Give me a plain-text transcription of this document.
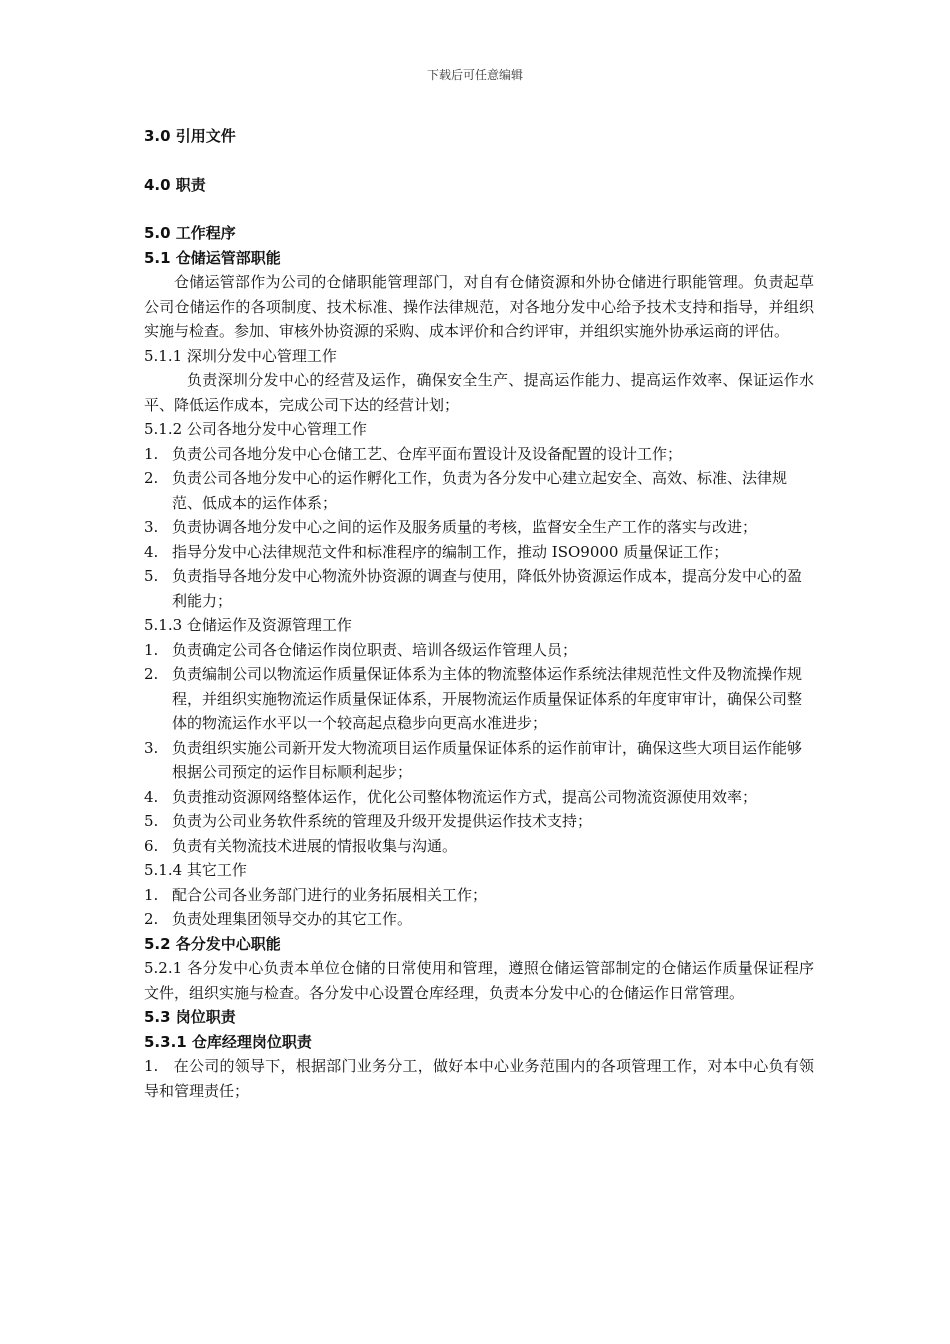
下载后可任意编辑
3.0 引用文件
4.0 职责
5.0 工作程序
5.1 仓储运管部职能
仓储运管部作为公司的仓储职能管理部门，对自有仓储资源和外协仓储进行职能管理。负责起草公司仓储运作的各项制度、技术标准、操作法律规范，对各地分发中心给予技术支持和指导，并组织实施与检查。参加、审核外协资源的采购、成本评价和合约评审，并组织实施外协承运商的评估。
5.1.1 深圳分发中心管理工作
负责深圳分发中心的经营及运作，确保安全生产、提高运作能力、提高运作效率、保证运作水平、降低运作成本，完成公司下达的经营计划；
5.1.2 公司各地分发中心管理工作
1. 负责公司各地分发中心仓储工艺、仓库平面布置设计及设备配置的设计工作；
2. 负责公司各地分发中心的运作孵化工作，负责为各分发中心建立起安全、高效、标准、法律规范、低成本的运作体系；
3. 负责协调各地分发中心之间的运作及服务质量的考核，监督安全生产工作的落实与改进；
4. 指导分发中心法律规范文件和标准程序的编制工作，推动 ISO9000 质量保证工作；
5. 负责指导各地分发中心物流外协资源的调查与使用，降低外协资源运作成本，提高分发中心的盈利能力；
5.1.3 仓储运作及资源管理工作
1. 负责确定公司各仓储运作岗位职责、培训各级运作管理人员；
2. 负责编制公司以物流运作质量保证体系为主体的物流整体运作系统法律规范性文件及物流操作规程，并组织实施物流运作质量保证体系，开展物流运作质量保证体系的年度审审计，确保公司整体的物流运作水平以一个较高起点稳步向更高水准进步；
3. 负责组织实施公司新开发大物流项目运作质量保证体系的运作前审计，确保这些大项目运作能够根据公司预定的运作目标顺利起步；
4. 负责推动资源网络整体运作，优化公司整体物流运作方式，提高公司物流资源使用效率；
5. 负责为公司业务软件系统的管理及升级开发提供运作技术支持；
6. 负责有关物流技术进展的情报收集与沟通。
5.1.4 其它工作
1. 配合公司各业务部门进行的业务拓展相关工作；
2. 负责处理集团领导交办的其它工作。
5.2 各分发中心职能
5.2.1 各分发中心负责本单位仓储的日常使用和管理，遵照仓储运管部制定的仓储运作质量保证程序文件，组织实施与检查。各分发中心设置仓库经理，负责本分发中心的仓储运作日常管理。
5.3 岗位职责
5.3.1 仓库经理岗位职责
1.　在公司的领导下，根据部门业务分工，做好本中心业务范围内的各项管理工作，对本中心负有领导和管理责任；
